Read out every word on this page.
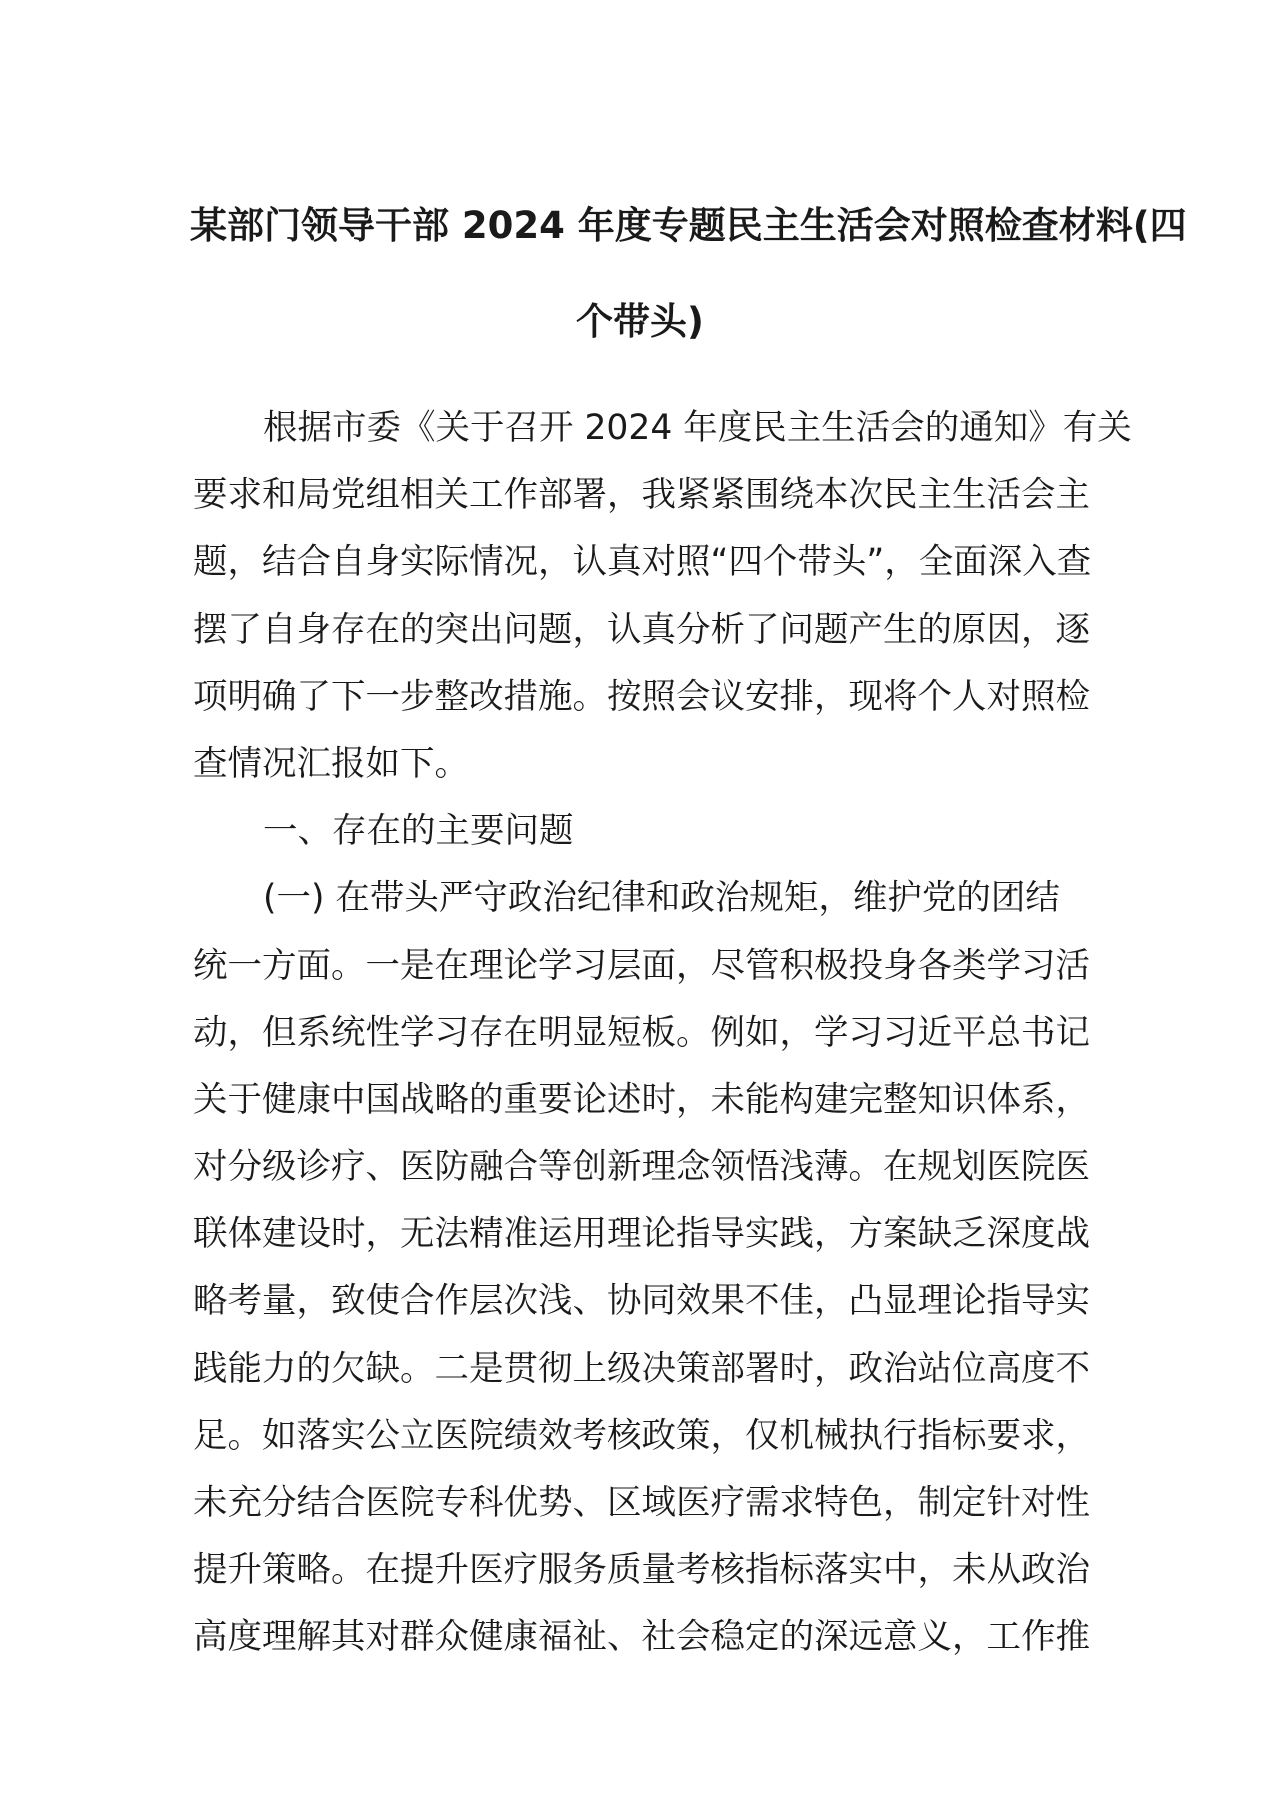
某部门领导干部 2024 年度专题民主生活会对照检查材料(四
个带头)
根据市委《关于召开 2024 年度民主生活会的通知》有关
要求和局党组相关工作部署，我紧紧围绕本次民主生活会主
题，结合自身实际情况，认真对照“四个带头”，全面深入查
摆了自身存在的突出问题，认真分析了问题产生的原因，逐
项明确了下一步整改措施。按照会议安排，现将个人对照检
查情况汇报如下。
一、存在的主要问题
(一) 在带头严守政治纪律和政治规矩，维护党的团结
统一方面。一是在理论学习层面，尽管积极投身各类学习活
动，但系统性学习存在明显短板。例如，学习习近平总书记
关于健康中国战略的重要论述时，未能构建完整知识体系，
对分级诊疗、医防融合等创新理念领悟浅薄。在规划医院医
联体建设时，无法精准运用理论指导实践，方案缺乏深度战
略考量，致使合作层次浅、协同效果不佳，凸显理论指导实
践能力的欠缺。二是贯彻上级决策部署时，政治站位高度不
足。如落实公立医院绩效考核政策，仅机械执行指标要求，
未充分结合医院专科优势、区域医疗需求特色，制定针对性
提升策略。在提升医疗服务质量考核指标落实中，未从政治
高度理解其对群众健康福祉、社会稳定的深远意义，工作推
